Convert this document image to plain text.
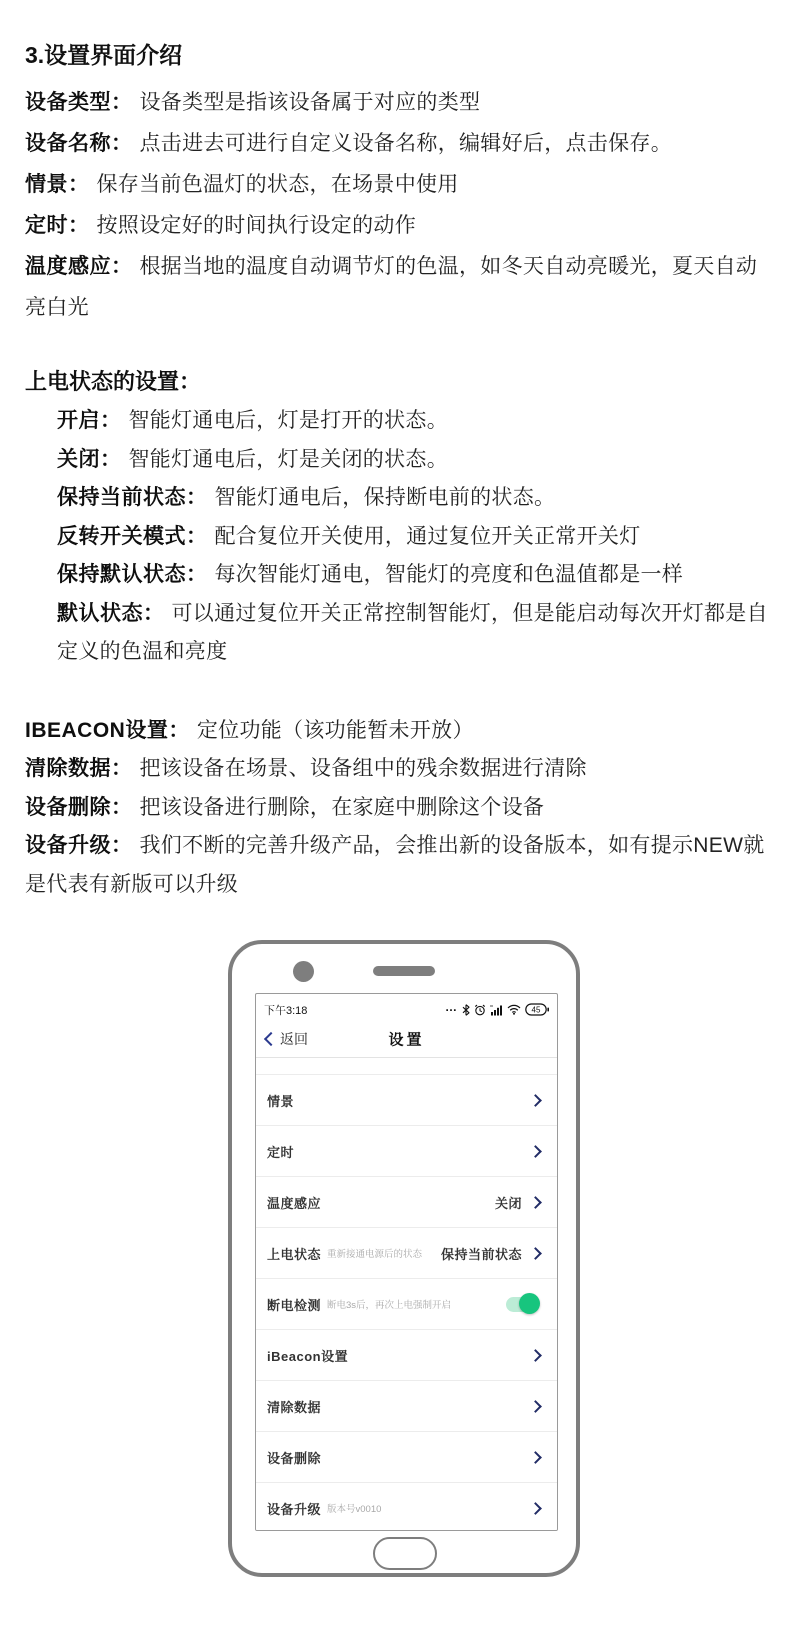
3.设置界面介绍

设备类型： 设备类型是指该设备属于对应的类型

设备名称： 点击进去可进行自定义设备名称，编辑好后，点击保存。

情景： 保存当前色温灯的状态，在场景中使用

定时： 按照设定好的时间执行设定的动作

温度感应： 根据当地的温度自动调节灯的色温，如冬天自动亮暖光，夏天自动亮白光

上电状态的设置：

开启： 智能灯通电后，灯是打开的状态。

关闭： 智能灯通电后，灯是关闭的状态。

保持当前状态： 智能灯通电后，保持断电前的状态。

反转开关模式： 配合复位开关使用，通过复位开关正常开关灯

保持默认状态： 每次智能灯通电，智能灯的亮度和色温值都是一样

默认状态： 可以通过复位开关正常控制智能灯，但是能启动每次开灯都是自定义的色温和亮度

IBEACON设置： 定位功能（该功能暂未开放）

清除数据： 把该设备在场景、设备组中的残余数据进行清除

设备删除： 把该设备进行删除，在家庭中删除这个设备

设备升级： 我们不断的完善升级产品，会推出新的设备版本，如有提示NEW就是代表有新版可以升级

下午3:18	…	45
返回	设置
情景
定时
温度感应	关闭
上电状态 重新接通电源后的状态 保持当前状态
断电检测 断电3s后，再次上电强制开启
iBeacon设置
清除数据
设备删除
设备升级 版本号v0010
